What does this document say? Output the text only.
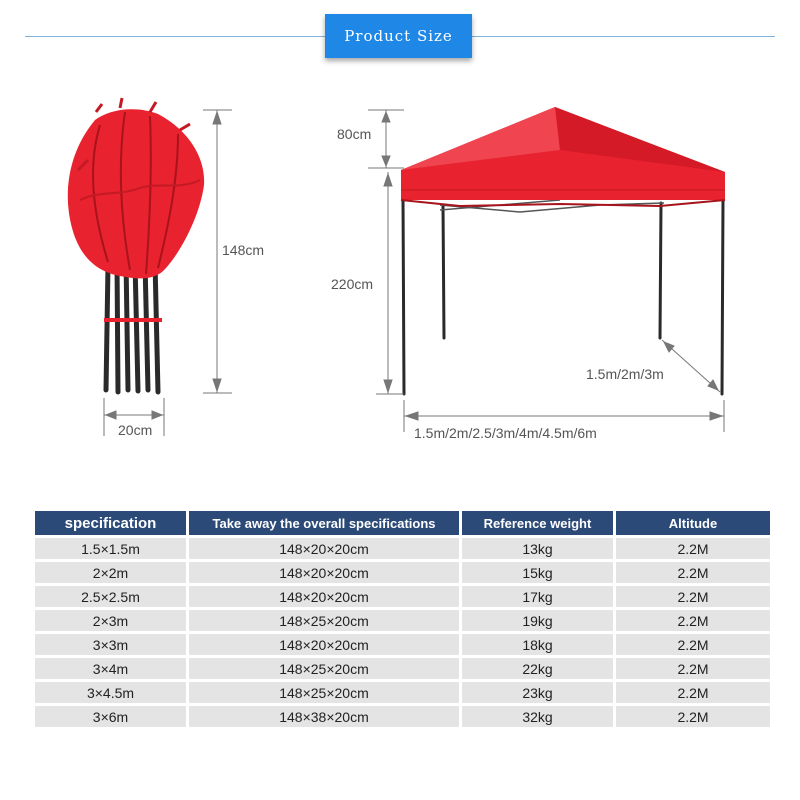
Product Size
148cm
20cm
80cm
220cm
1.5m/2m/3m
1.5m/2m/2.5/3m/4m/4.5m/6m
specification	Take away the overall specifications	Reference weight	Altitude
1.5×1.5m	148×20×20cm	13kg	2.2M
2×2m	148×20×20cm	15kg	2.2M
2.5×2.5m	148×20×20cm	17kg	2.2M
2×3m	148×25×20cm	19kg	2.2M
3×3m	148×20×20cm	18kg	2.2M
3×4m	148×25×20cm	22kg	2.2M
3×4.5m	148×25×20cm	23kg	2.2M
3×6m	148×38×20cm	32kg	2.2M
